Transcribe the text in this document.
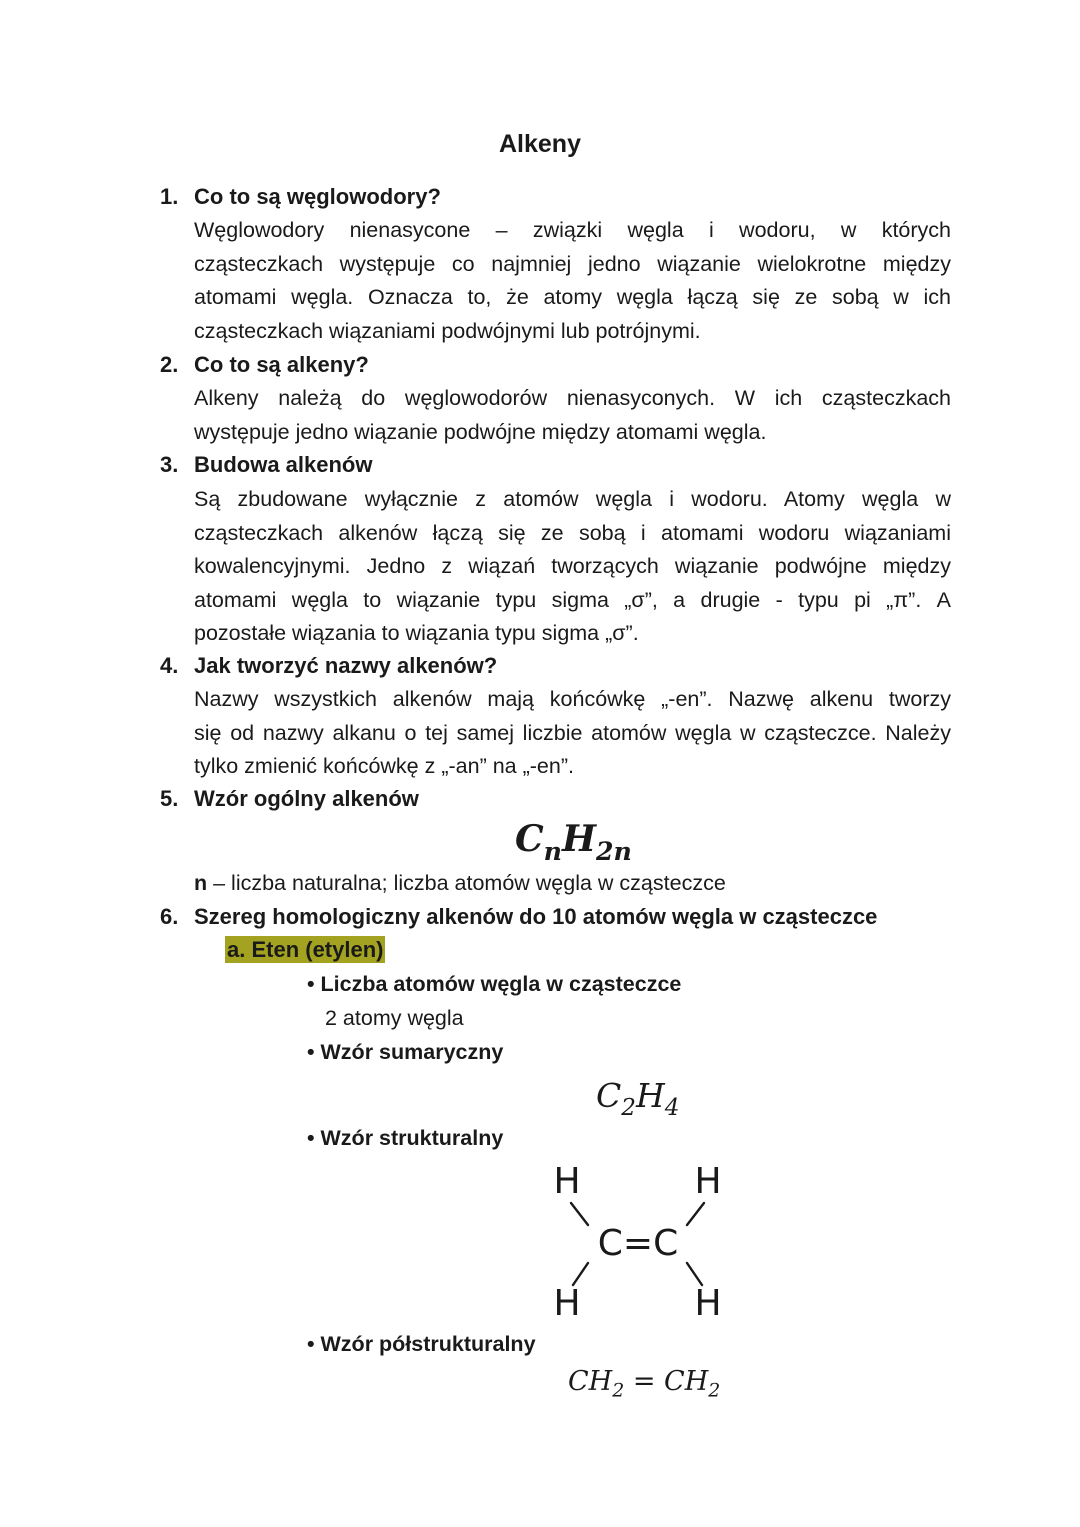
Alkeny
1. Co to są węglowodory?
Węglowodory nienasycone – związki węgla i wodoru, w których
cząsteczkach występuje co najmniej jedno wiązanie wielokrotne między
atomami węgla. Oznacza to, że atomy węgla łączą się ze sobą w ich
cząsteczkach wiązaniami podwójnymi lub potrójnymi.
2. Co to są alkeny?
Alkeny należą do węglowodorów nienasyconych. W ich cząsteczkach
występuje jedno wiązanie podwójne między atomami węgla.
3. Budowa alkenów
Są zbudowane wyłącznie z atomów węgla i wodoru. Atomy węgla w
cząsteczkach alkenów łączą się ze sobą i atomami wodoru wiązaniami
kowalencyjnymi. Jedno z wiązań tworzących wiązanie podwójne między
atomami węgla to wiązanie typu sigma „σ”, a drugie - typu pi „π”. A
pozostałe wiązania to wiązania typu sigma „σ”.
4. Jak tworzyć nazwy alkenów?
Nazwy wszystkich alkenów mają końcówkę „-en”. Nazwę alkenu tworzy
się od nazwy alkanu o tej samej liczbie atomów węgla w cząsteczce. Należy
tylko zmienić końcówkę z „-an” na „-en”.
5. Wzór ogólny alkenów
$C_nH_{2n}$
n – liczba naturalna; liczba atomów węgla w cząsteczce
6. Szereg homologiczny alkenów do 10 atomów węgla w cząsteczce
a. Eten (etylen)
• Liczba atomów węgla w cząsteczce
2 atomy węgla
• Wzór sumaryczny
$C_2H_4$
• Wzór strukturalny
H	H
C=C
H	H
• Wzór półstrukturalny
$CH_2 = CH_2$
